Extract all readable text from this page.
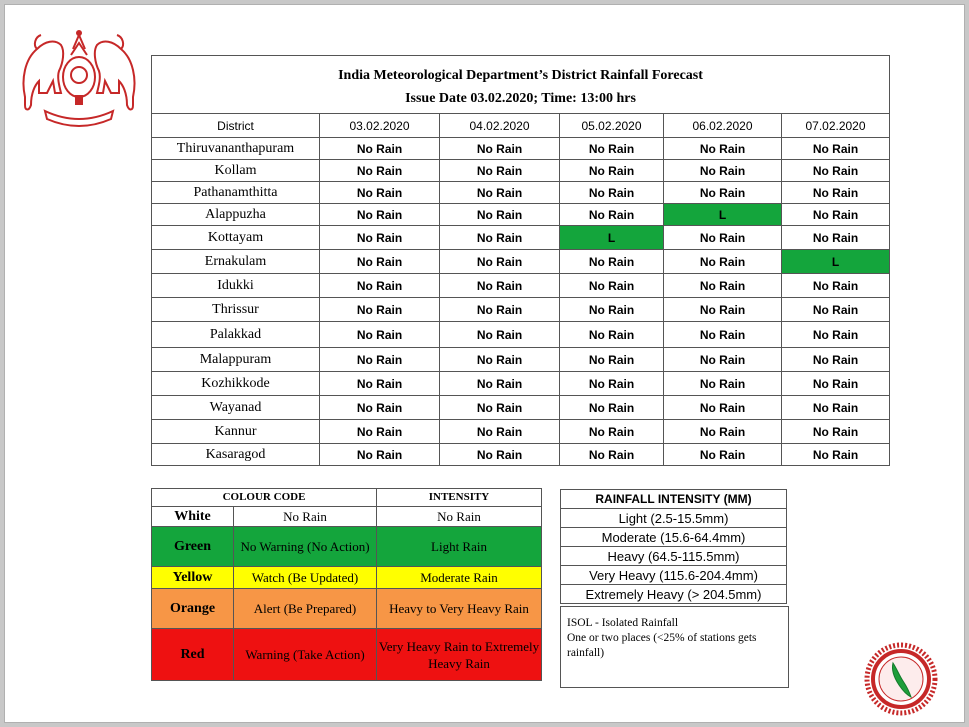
India Meteorological Department’s District Rainfall Forecast
Issue Date 03.02.2020; Time: 13:00 hrs					

District	03.02.2020	04.02.2020	05.02.2020	06.02.2020	07.02.2020
Thiruvananthapuram	No Rain	No Rain	No Rain	No Rain	No Rain
Kollam	No Rain	No Rain	No Rain	No Rain	No Rain
Pathanamthitta	No Rain	No Rain	No Rain	No Rain	No Rain
Alappuzha	No Rain	No Rain	No Rain	L	No Rain
Kottayam	No Rain	No Rain	L	No Rain	No Rain
Ernakulam	No Rain	No Rain	No Rain	No Rain	L
Idukki	No Rain	No Rain	No Rain	No Rain	No Rain
Thrissur	No Rain	No Rain	No Rain	No Rain	No Rain
Palakkad	No Rain	No Rain	No Rain	No Rain	No Rain
Malappuram	No Rain	No Rain	No Rain	No Rain	No Rain
Kozhikkode	No Rain	No Rain	No Rain	No Rain	No Rain
Wayanad	No Rain	No Rain	No Rain	No Rain	No Rain
Kannur	No Rain	No Rain	No Rain	No Rain	No Rain
Kasaragod	No Rain	No Rain	No Rain	No Rain	No Rain
COLOUR CODE		INTENSITY
White	No Rain	No Rain
Green	No Warning (No Action)	Light Rain
Yellow	Watch (Be Updated)	Moderate Rain
Orange	Alert (Be Prepared)	Heavy to Very Heavy Rain
Red	Warning (Take Action)	Very Heavy Rain to Extremely Heavy Rain
RAINFALL INTENSITY (MM)
Light (2.5-15.5mm)
Moderate (15.6-64.4mm)
Heavy (64.5-115.5mm)
Very Heavy (115.6-204.4mm)
Extremely Heavy (> 204.5mm)
ISOL - Isolated Rainfall
One or two places (<25% of stations gets rainfall)
